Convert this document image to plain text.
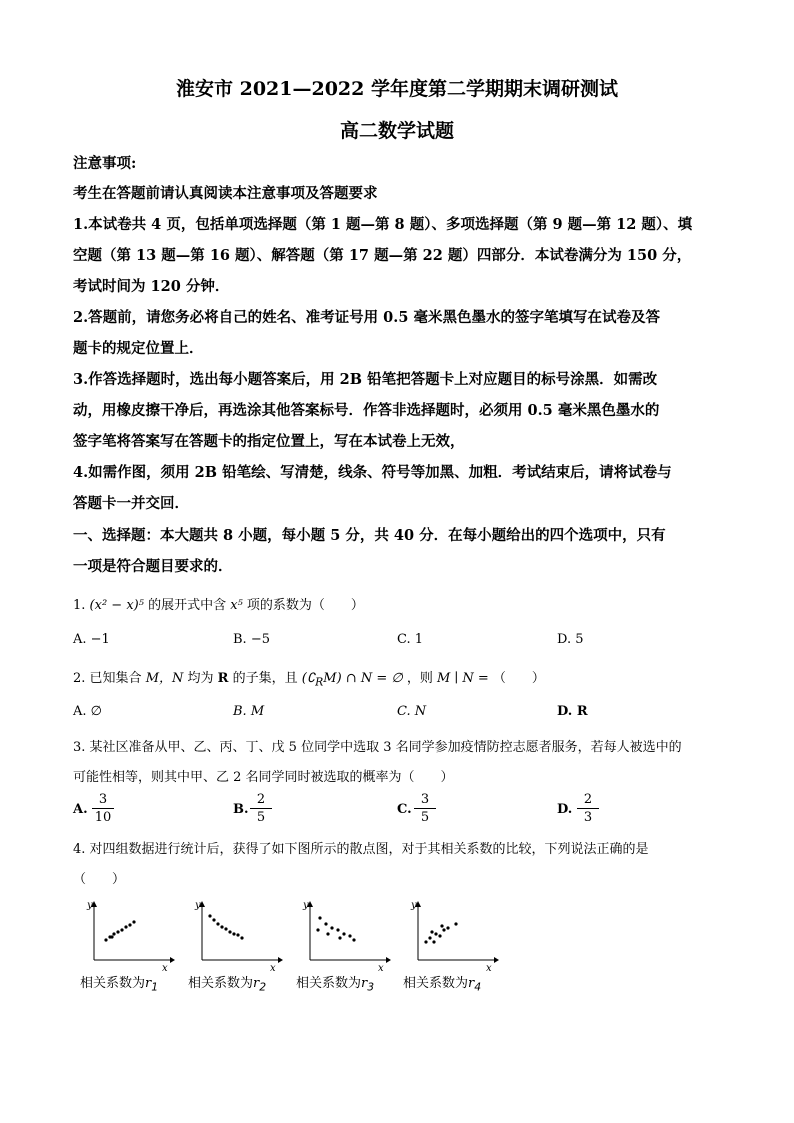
淮安市 2021—2022 学年度第二学期期末调研测试
高二数学试题
注意事项:
考生在答题前请认真阅读本注意事项及答题要求
1.本试卷共 4 页，包括单项选择题（第 1 题—第 8 题）、多项选择题（第 9 题—第 12 题）、填
空题（第 13 题—第 16 题）、解答题（第 17 题—第 22 题）四部分．本试卷满分为 150 分，
考试时间为 120 分钟．
2.答题前，请您务必将自己的姓名、准考证号用 0.5 毫米黑色墨水的签字笔填写在试卷及答
题卡的规定位置上．
3.作答选择题时，选出每小题答案后，用 2B 铅笔把答题卡上对应题目的标号涂黑．如需改
动，用橡皮擦干净后，再选涂其他答案标号．作答非选择题时，必须用 0.5 毫米黑色墨水的
签字笔将答案写在答题卡的指定位置上，写在本试卷上无效，
4.如需作图，须用 2B 铅笔绘、写清楚，线条、符号等加黑、加粗．考试结束后，请将试卷与
答题卡一并交回．
一、选择题：本大题共 8 小题，每小题 5 分，共 40 分．在每小题给出的四个选项中，只有
一项是符合题目要求的．
1. (x² − x)⁵ 的展开式中含 x⁵ 项的系数为（　　）
A. −1	B. −5	C. 1	D. 5
2. 已知集合 M，N 均为 R 的子集，且 $(∁_RM)$ ∩ N = ∅ ，则 M ∣ N = （　　）
A. ∅	B. M	C. N	D. R
3. 某社区准备从甲、乙、丙、丁、戊 5 位同学中选取 3 名同学参加疫情防控志愿者服务，若每人被选中的
可能性相等，则其中甲、乙 2 名同学同时被选取的概率为（　　）
A. $\frac{3}{10}$	B. $\frac{2}{5}$	C. $\frac{3}{5}$	D. $\frac{2}{3}$
4. 对四组数据进行统计后，获得了如下图所示的散点图，对于其相关系数的比较，下列说法正确的是
（　　）
y
x
y
x
y
x
y
x
相关系数为$r_1$ 相关系数为$r_2$ 相关系数为$r_3$ 相关系数为$r_4$
